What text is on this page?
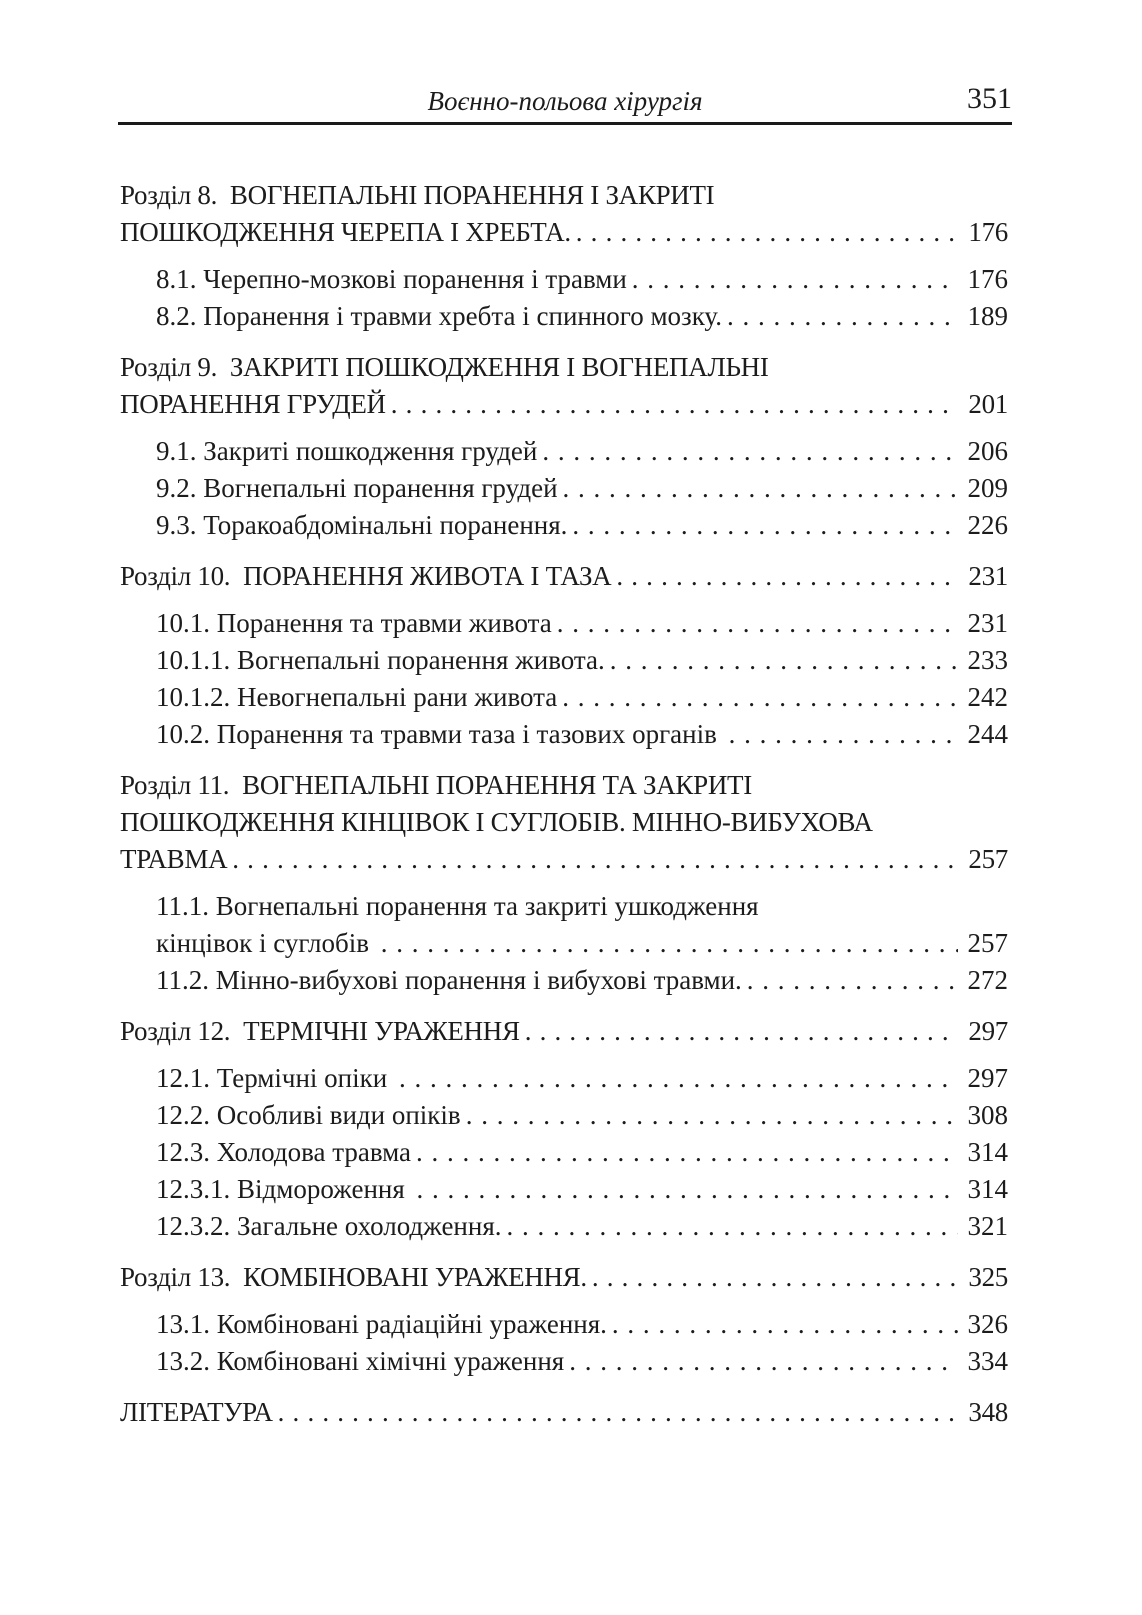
Воєнно-польова хірургія	351
Розділ 8.  ВОГНЕПАЛЬНІ ПОРАНЕННЯ І ЗАКРИТІ
ПОШКОДЖЕННЯ ЧЕРЕПА І ХРЕБТА. . . .	176
8.1. Черепно-мозкові поранення і травми . . .	176
8.2. Поранення і травми хребта і спинного мозку. . . .	189
Розділ 9.  ЗАКРИТІ ПОШКОДЖЕННЯ І ВОГНЕПАЛЬНІ
ПОРАНЕННЯ ГРУДЕЙ . . .	201
9.1. Закриті пошкодження грудей . . .	206
9.2. Вогнепальні поранення грудей . . .	209
9.3. Торакоабдомінальні поранення. . . .	226
Розділ 10.  ПОРАНЕННЯ ЖИВОТА І ТАЗА . . .	231
10.1. Поранення та травми живота . . .	231
10.1.1. Вогнепальні поранення живота. . . .	233
10.1.2. Невогнепальні рани живота . . .	242
10.2. Поранення та травми таза і тазових органів . . .	244
Розділ 11.  ВОГНЕПАЛЬНІ ПОРАНЕННЯ ТА ЗАКРИТІ
ПОШКОДЖЕННЯ КІНЦІВОК І СУГЛОБІВ. МІННО-ВИБУХОВА
ТРАВМА . . .	257
11.1. Вогнепальні поранення та закриті ушкодження
кінцівок і суглобів . . .	257
11.2. Мінно-вибухові поранення і вибухові травми. . . .	272
Розділ 12.  ТЕРМІЧНІ УРАЖЕННЯ . . .	297
12.1. Термічні опіки . . .	297
12.2. Особливі види опіків . . .	308
12.3. Холодова травма . . .	314
12.3.1. Відмороження . . .	314
12.3.2. Загальне охолодження. . . .	321
Розділ 13.  КОМБІНОВАНІ УРАЖЕННЯ. . . .	325
13.1. Комбіновані радіаційні ураження. . . .	326
13.2. Комбіновані хімічні ураження . . .	334
ЛІТЕРАТУРА . . .	348
